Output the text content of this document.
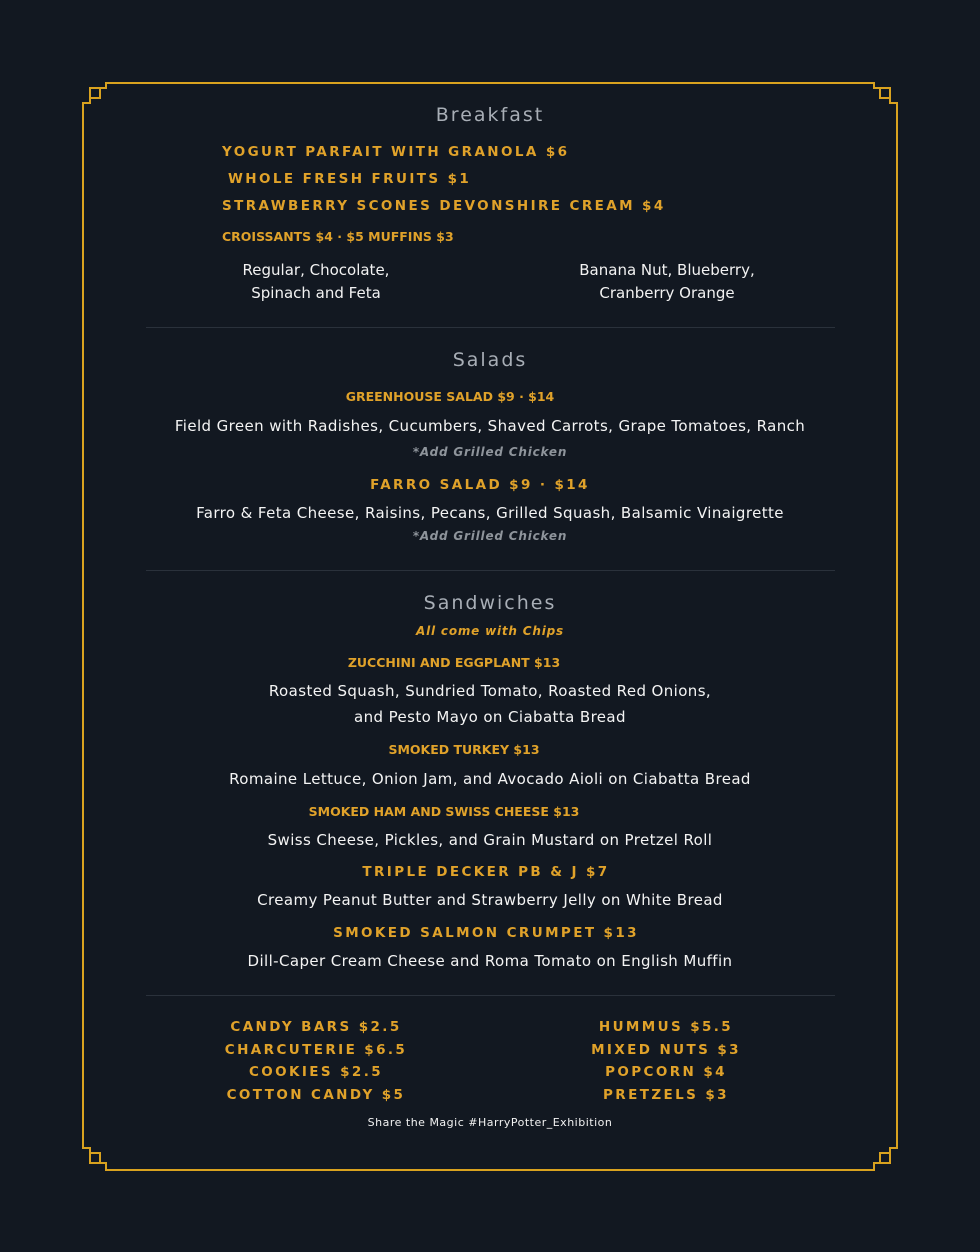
Breakfast
YOGURT PARFAIT WITH GRANOLA $6
WHOLE FRESH FRUITS $1
STRAWBERRY SCONES DEVONSHIRE CREAM $4
CROISSANTS $4 · $5 MUFFINS $3
Regular, Chocolate,
Spinach and Feta
Banana Nut, Blueberry,
Cranberry Orange
Salads
GREENHOUSE SALAD $9 · $14
Field Green with Radishes, Cucumbers, Shaved Carrots, Grape Tomatoes, Ranch
*Add Grilled Chicken
FARRO SALAD $9 · $14
Farro & Feta Cheese, Raisins, Pecans, Grilled Squash, Balsamic Vinaigrette
*Add Grilled Chicken
Sandwiches
All come with Chips
ZUCCHINI AND EGGPLANT $13
Roasted Squash, Sundried Tomato, Roasted Red Onions,
and Pesto Mayo on Ciabatta Bread
SMOKED TURKEY $13
Romaine Lettuce, Onion Jam, and Avocado Aioli on Ciabatta Bread
SMOKED HAM AND SWISS CHEESE $13
Swiss Cheese, Pickles, and Grain Mustard on Pretzel Roll
TRIPLE DECKER PB & J $7
Creamy Peanut Butter and Strawberry Jelly on White Bread
SMOKED SALMON CRUMPET $13
Dill-Caper Cream Cheese and Roma Tomato on English Muffin
CANDY BARS $2.5
CHARCUTERIE $6.5
COOKIES $2.5
COTTON CANDY $5
HUMMUS $5.5
MIXED NUTS $3
POPCORN $4
PRETZELS $3
Share the Magic #HarryPotter_Exhibition
